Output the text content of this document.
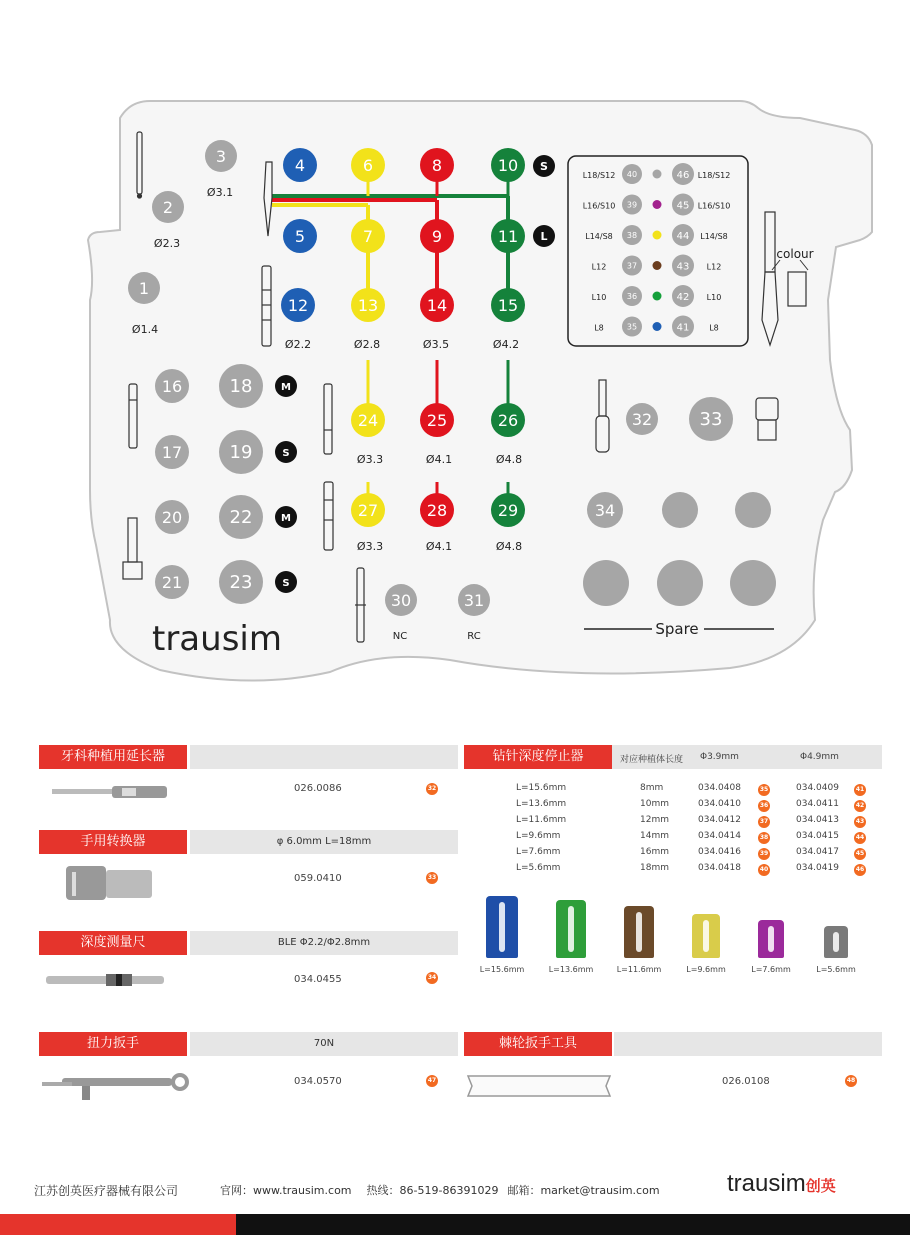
1
2
3	4
5
6
7
8
9
10
11
12	13	14	15
16
17
18
19
20
21
22
23
24	25	26
27	28	29
30	31
32	33
34
S
L
M
S
M
S
Ø3.1
Ø2.3
Ø1.4
Ø2.2	Ø2.8	Ø3.5	Ø4.2
Ø3.3	Ø4.1	Ø4.8
Ø3.3	Ø4.1	Ø4.8
NC	RC
colour
L18/S12 40	46 L18/S12
L16/S10 39	45 L16/S10
L14/S8 38	44 L14/S8
L12	37	43 L12
L10	36	42 L10
L8	35	41 L8
Spare
trausim
牙科种植用延长器
026.0086	32
手用转换器	φ 6.0mm L=18mm
059.0410	33
深度测量尺	BLE Φ2.2/Φ2.8mm
034.0455	34
扭力扳手	70N
034.0570	47
钻针深度停止器	对应种植体长度 Φ3.9mm	Φ4.9mm
L=15.6mm	8mm	034.0408	35	034.0409	41
L=13.6mm	10mm	034.0410	36	034.0411	42
L=11.6mm	12mm	034.0412	37	034.0413	43
L=9.6mm	14mm	034.0414	38	034.0415	44
L=7.6mm	16mm	034.0416	39	034.0417	45
L=5.6mm	18mm	034.0418	40	034.0419	46
L=15.6mm	L=13.6mm	L=11.6mm	L=9.6mm	L=7.6mm	L=5.6mm
棘轮扳手工具
026.0108	48
江苏创英医疗器械有限公司	官网：www.trausim.com 热线：86-519-86391029 邮箱：market@trausim.com	trausim创英
